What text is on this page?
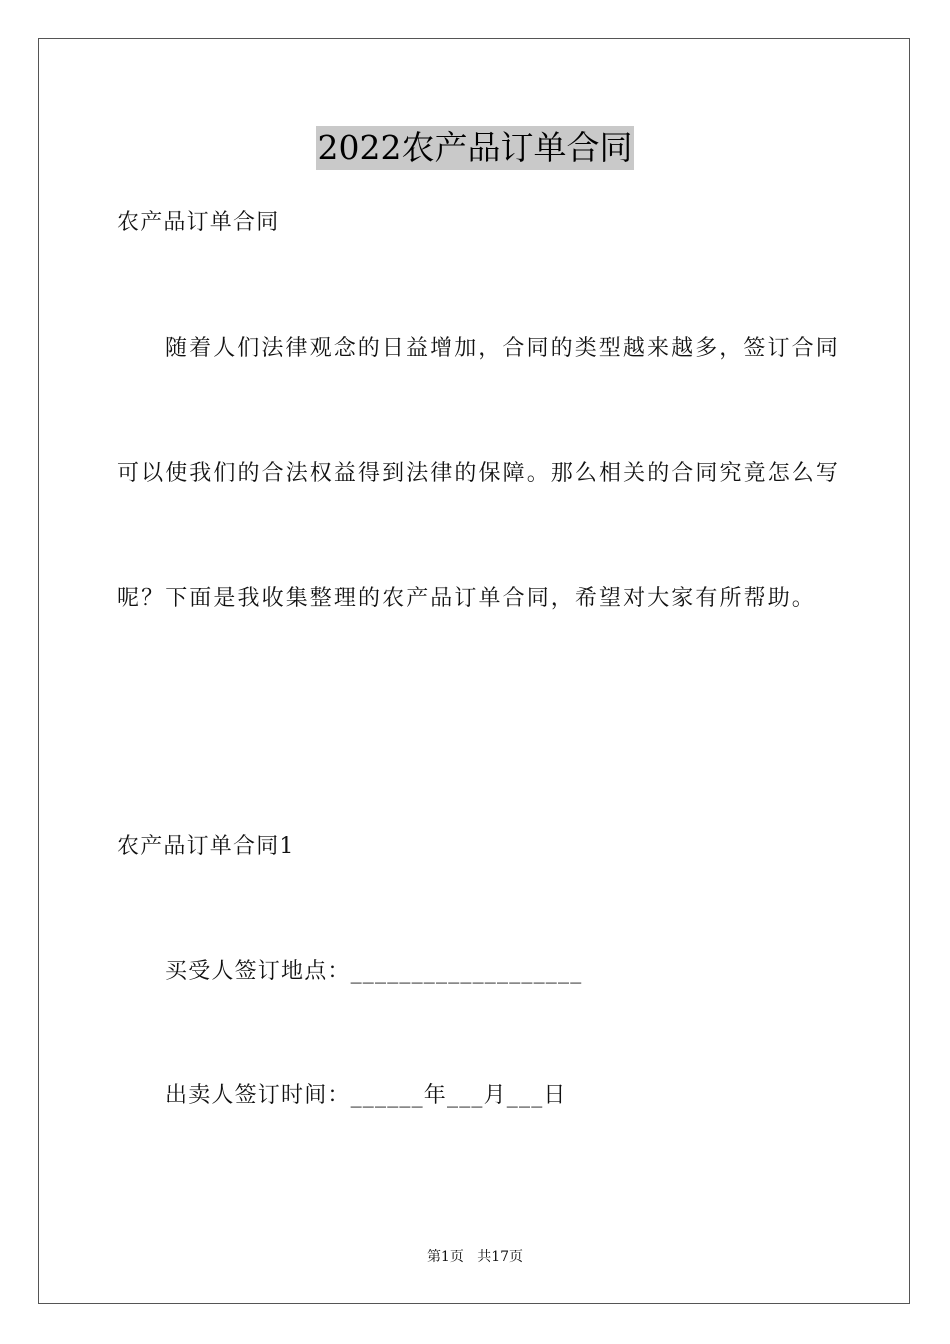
2022农产品订单合同
农产品订单合同
随着人们法律观念的日益增加，合同的类型越来越多，签订合同
可以使我们的合法权益得到法律的保障。那么相关的合同究竟怎么写
呢？下面是我收集整理的农产品订单合同，希望对大家有所帮助。
农产品订单合同1
买受人签订地点：___________________
出卖人签订时间：______年___月___日
第1页 共17页
